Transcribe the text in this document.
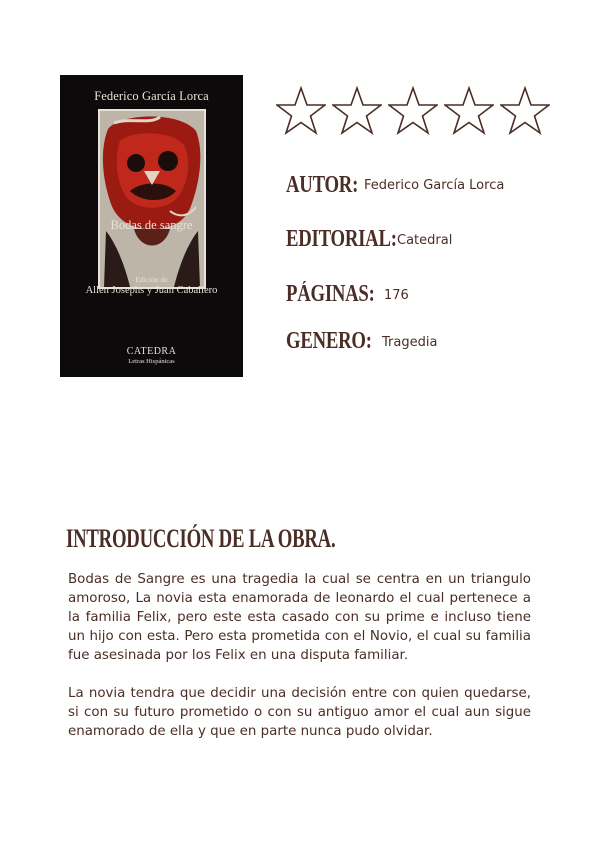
Federico García Lorca
Bodas de sangre
Edición de
Allen Josephs y Juan Caballero
CATEDRA
Letras Hispánicas
AUTOR: Federico García Lorca
EDITORIAL: Catedral
PÁGINAS: 176
GENERO: Tragedia
INTRODUCCIÓN DE LA OBRA.

Bodas de Sangre es una tragedia la cual se centra en un triangulo amoroso, La novia esta enamorada de leonardo el cual pertenece a la familia Felix, pero este esta casado con su prime e incluso tiene un hijo con esta. Pero esta prometida con el Novio, el cual su familia fue asesinada por los Felix en una disputa familiar.

La novia tendra que decidir una decisión entre con quien quedarse, si con su futuro prometido o con su antiguo amor el cual aun sigue enamorado de ella y que en parte nunca pudo olvidar.
